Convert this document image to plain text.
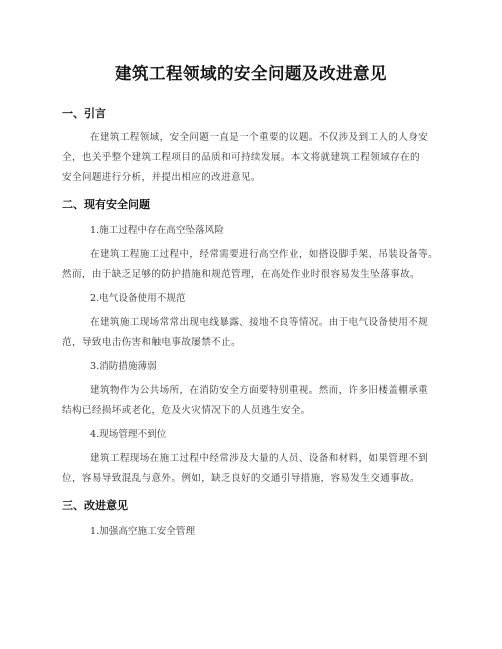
建筑工程领域的安全问题及改进意见
一、引言
在建筑工程领域，安全问题一直是一个重要的议题。不仅涉及到工人的人身安
全，也关乎整个建筑工程项目的品质和可持续发展。本文将就建筑工程领域存在的
安全问题进行分析，并提出相应的改进意见。
二、现有安全问题
1.施工过程中存在高空坠落风险
在建筑工程施工过程中，经常需要进行高空作业，如搭设脚手架、吊装设备等。
然而，由于缺乏足够的防护措施和规范管理，在高处作业时很容易发生坠落事故。
2.电气设备使用不规范
在建筑施工现场常常出现电线暴露、接地不良等情况。由于电气设备使用不规
范，导致电击伤害和触电事故屡禁不止。
3.消防措施薄弱
建筑物作为公共场所，在消防安全方面要特别重视。然而，许多旧楼盖棚承重
结构已经损坏或老化，危及火灾情况下的人员逃生安全。
4.现场管理不到位
建筑工程现场在施工过程中经常涉及大量的人员、设备和材料，如果管理不到
位，容易导致混乱与意外。例如，缺乏良好的交通引导措施，容易发生交通事故。
三、改进意见
1.加强高空施工安全管理
